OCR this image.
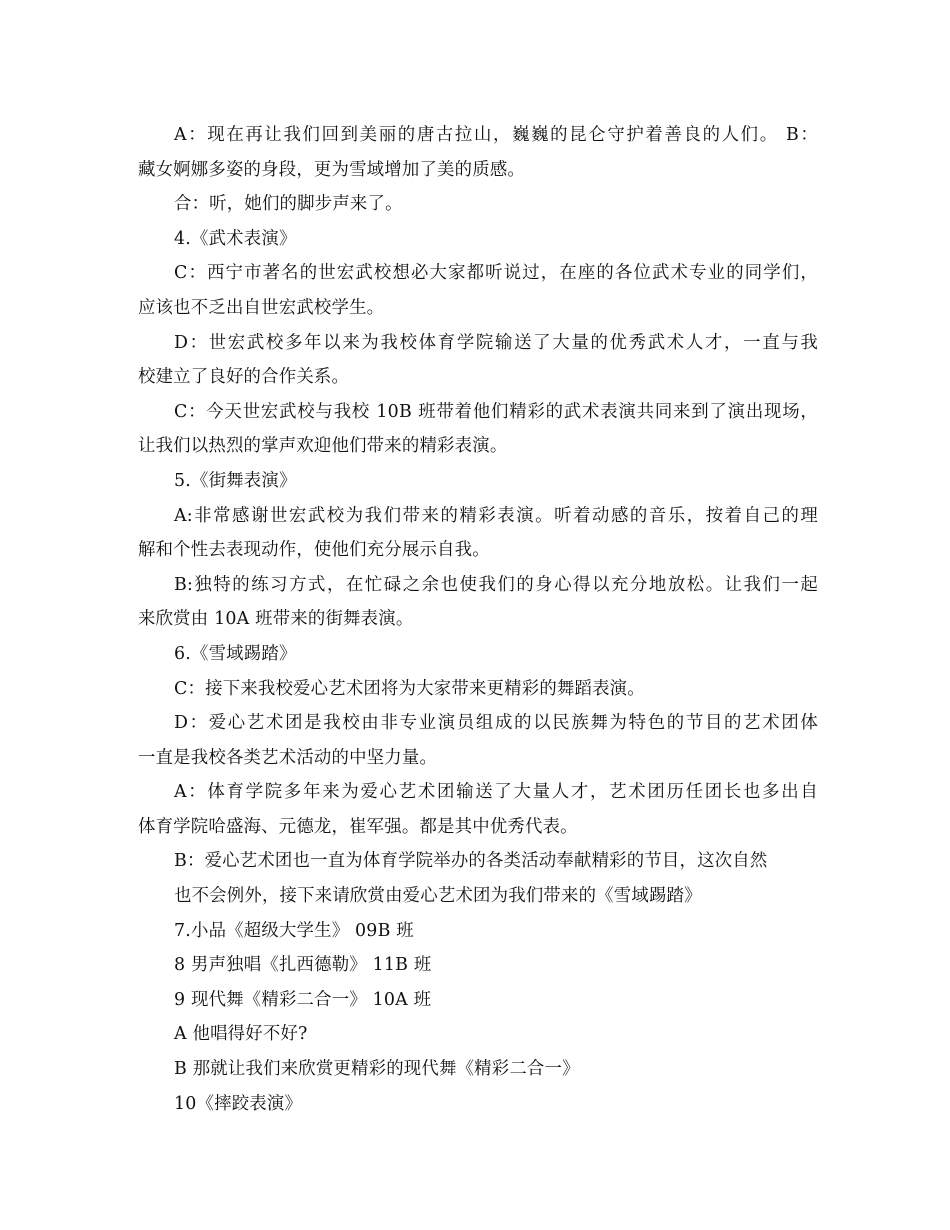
A：现在再让我们回到美丽的唐古拉山，巍巍的昆仑守护着善良的人们。 B：
藏女婀娜多姿的身段，更为雪域增加了美的质感。
合：听，她们的脚步声来了。
4.《武术表演》
C：西宁市著名的世宏武校想必大家都听说过，在座的各位武术专业的同学们，
应该也不乏出自世宏武校学生。
D：世宏武校多年以来为我校体育学院输送了大量的优秀武术人才，一直与我
校建立了良好的合作关系。
C：今天世宏武校与我校 10B 班带着他们精彩的武术表演共同来到了演出现场，
让我们以热烈的掌声欢迎他们带来的精彩表演。
5.《街舞表演》
A:非常感谢世宏武校为我们带来的精彩表演。听着动感的音乐，按着自己的理
解和个性去表现动作，使他们充分展示自我。
B:独特的练习方式，在忙碌之余也使我们的身心得以充分地放松。让我们一起
来欣赏由 10A 班带来的街舞表演。
6.《雪域踢踏》
C：接下来我校爱心艺术团将为大家带来更精彩的舞蹈表演。
D：爱心艺术团是我校由非专业演员组成的以民族舞为特色的节目的艺术团体
一直是我校各类艺术活动的中坚力量。
A：体育学院多年来为爱心艺术团输送了大量人才，艺术团历任团长也多出自
体育学院哈盛海、元德龙，崔军强。都是其中优秀代表。
B：爱心艺术团也一直为体育学院举办的各类活动奉献精彩的节目，这次自然
也不会例外，接下来请欣赏由爱心艺术团为我们带来的《雪域踢踏》
7.小品《超级大学生》 09B 班
8 男声独唱《扎西德勒》 11B 班
9 现代舞《精彩二合一》 10A 班
A 他唱得好不好?
B 那就让我们来欣赏更精彩的现代舞《精彩二合一》
10《摔跤表演》
